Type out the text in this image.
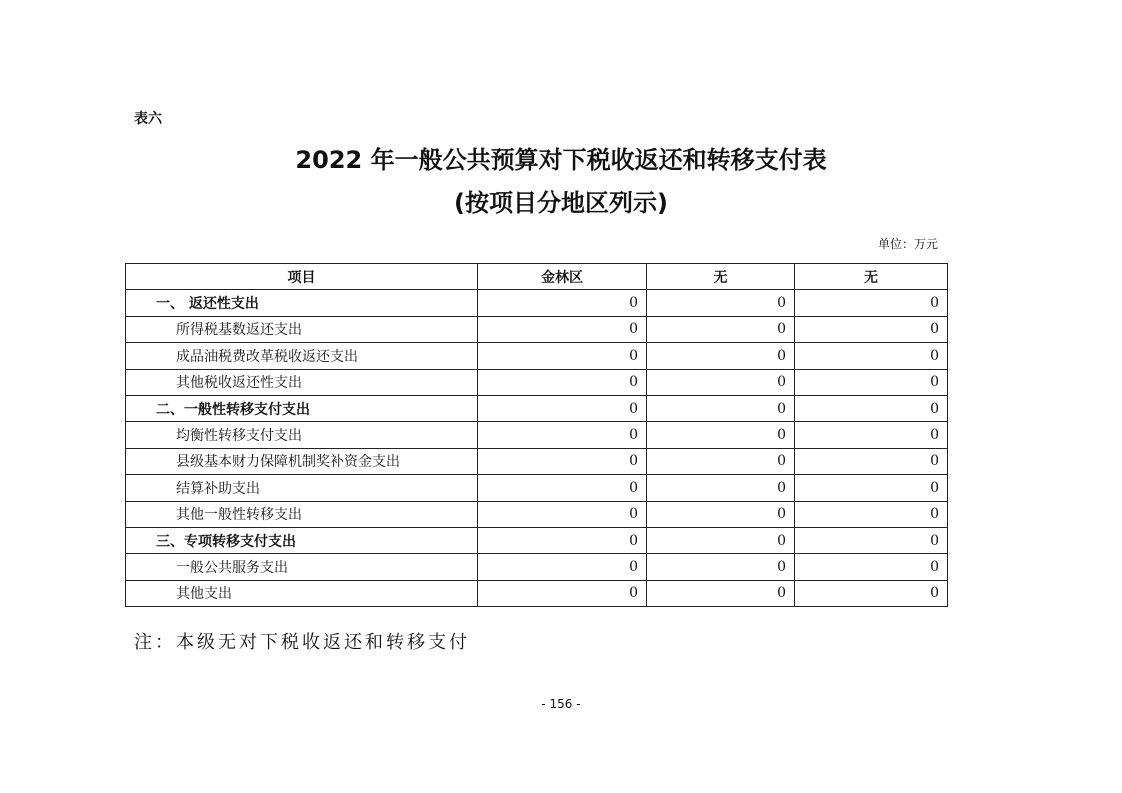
表六
2022 年一般公共预算对下税收返还和转移支付表
(按项目分地区列示)
单位：万元
项目	金林区	无	无
一、 返还性支出	0	0	0
所得税基数返还支出	0	0	0
成品油税费改革税收返还支出	0	0	0
其他税收返还性支出	0	0	0
二、一般性转移支付支出	0	0	0
均衡性转移支付支出	0	0	0
县级基本财力保障机制奖补资金支出	0	0	0
结算补助支出	0	0	0
其他一般性转移支出	0	0	0
三、专项转移支付支出	0	0	0
一般公共服务支出	0	0	0
其他支出	0	0	0
注：本级无对下税收返还和转移支付
- 156 -
